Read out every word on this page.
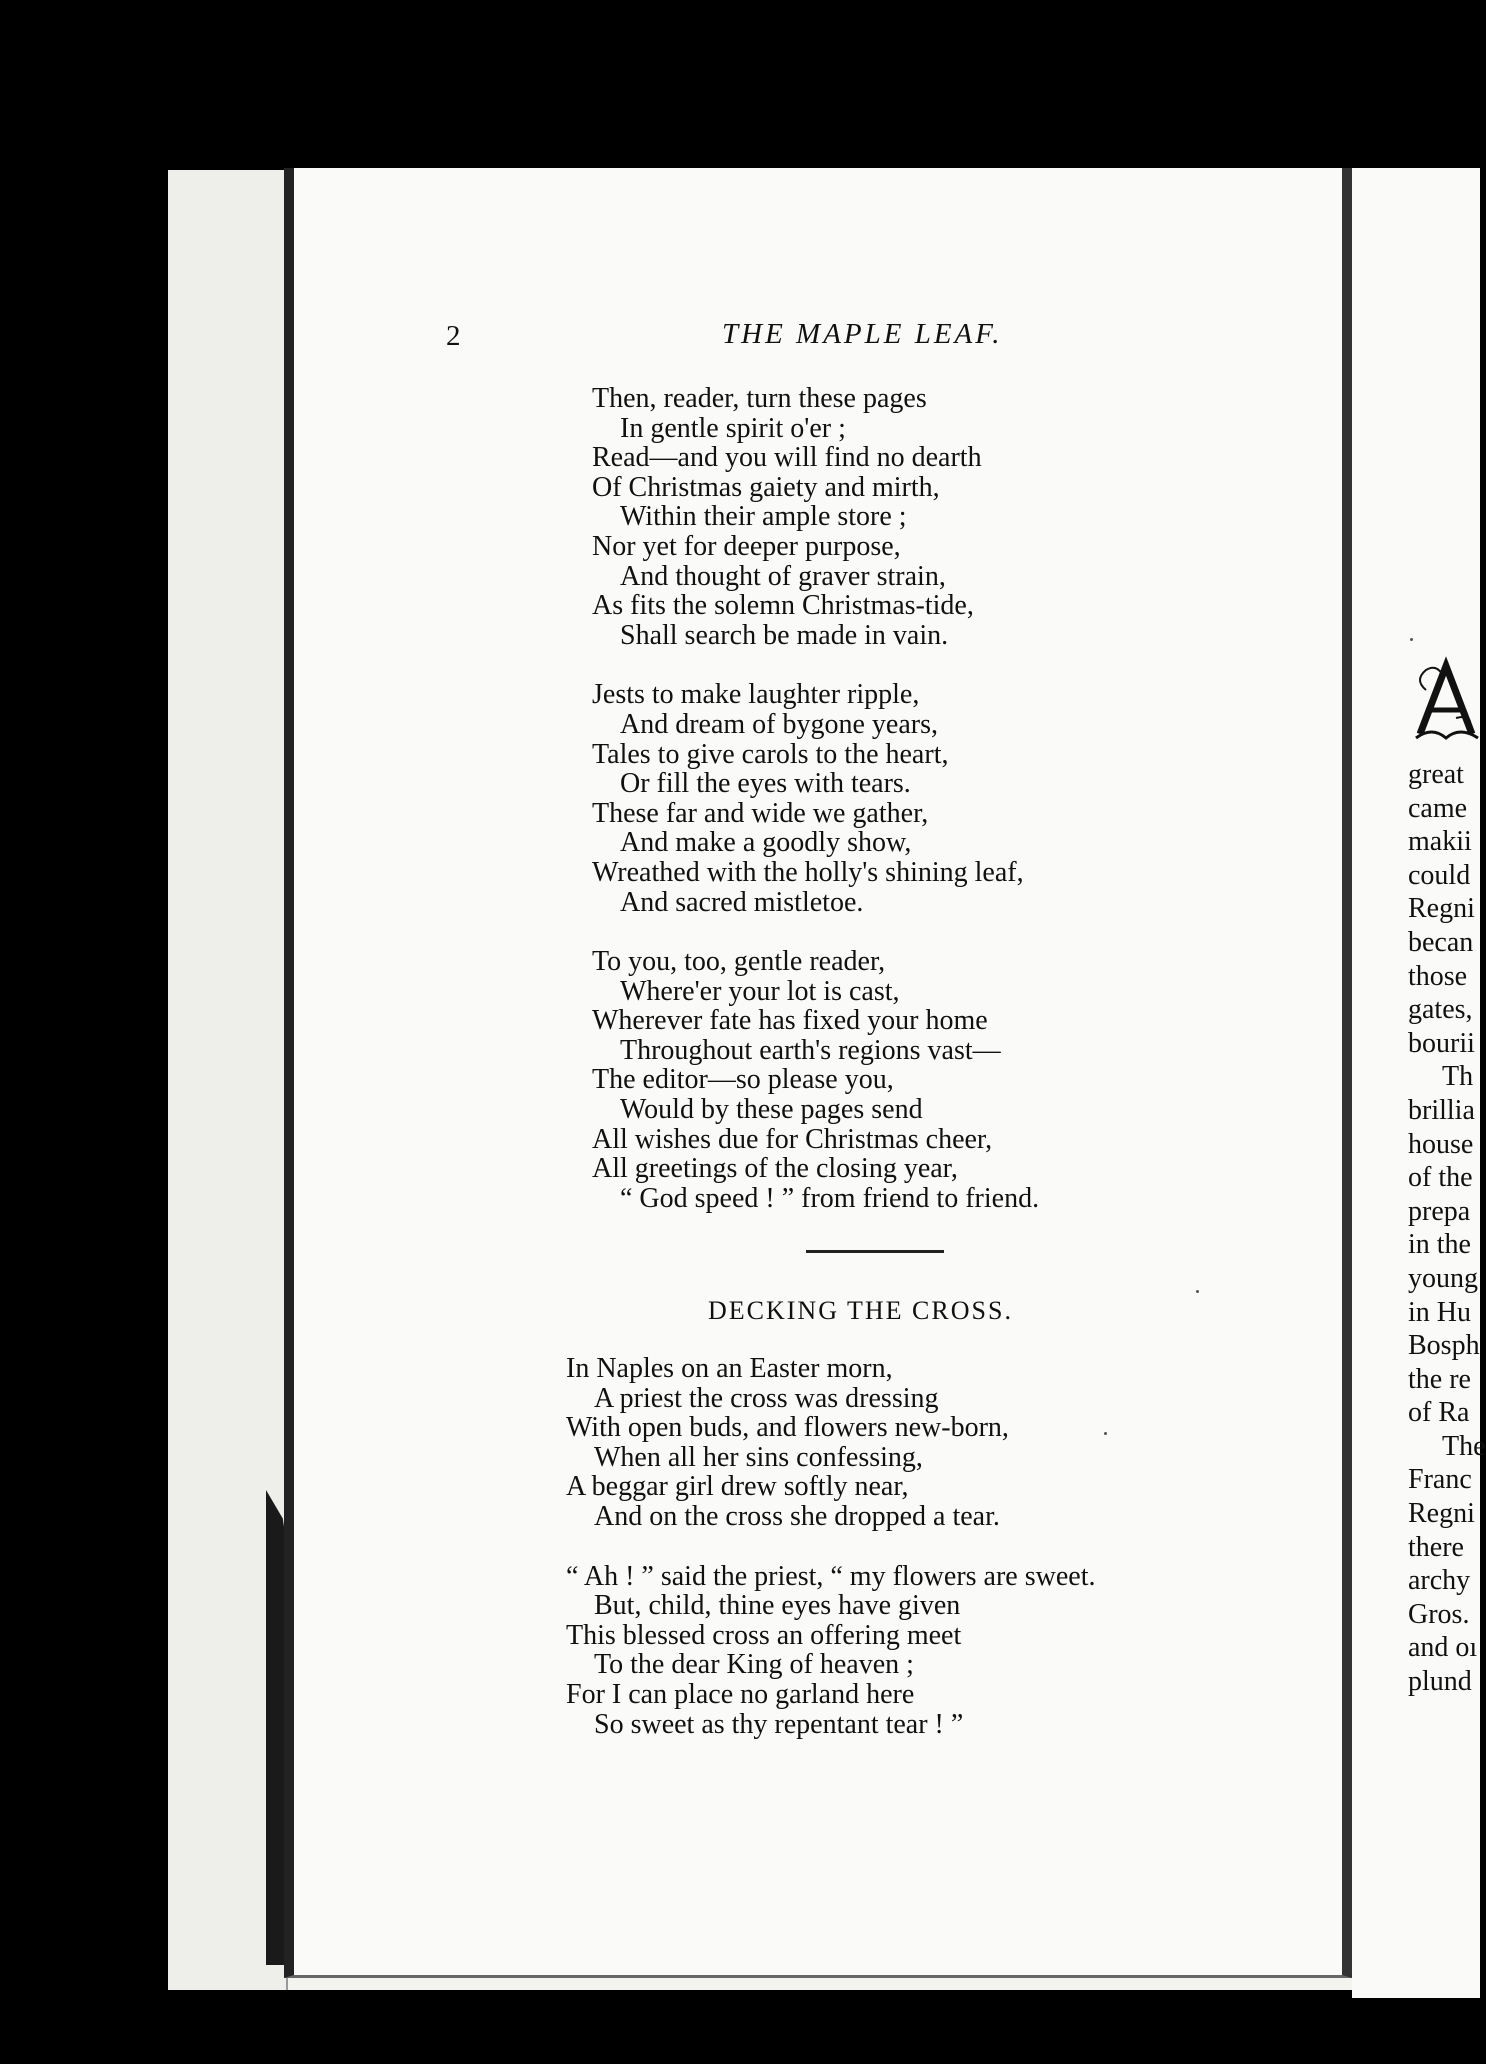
2	THE MAPLE LEAF.
Then, reader, turn these pages
In gentle spirit o'er ;
Read—and you will find no dearth
Of Christmas gaiety and mirth,
Within their ample store ;
Nor yet for deeper purpose,
And thought of graver strain,
As fits the solemn Christmas-tide,
Shall search be made in vain.
Jests to make laughter ripple,
And dream of bygone years,
Tales to give carols to the heart,
Or fill the eyes with tears.
These far and wide we gather,
And make a goodly show,
Wreathed with the holly's shining leaf,
And sacred mistletoe.
To you, too, gentle reader,
Where'er your lot is cast,
Wherever fate has fixed your home
Throughout earth's regions vast—
The editor—so please you,
Would by these pages send
All wishes due for Christmas cheer,
All greetings of the closing year,
“ God speed ! ” from friend to friend.
DECKING THE CROSS.
In Naples on an Easter morn,
A priest the cross was dressing
With open buds, and flowers new-born,
When all her sins confessing,
A beggar girl drew softly near,
And on the cross she dropped a tear.
“ Ah ! ” said the priest, “ my flowers are sweet.
But, child, thine eyes have given
This blessed cross an offering meet
To the dear King of heaven ;
For I can place no garland here
So sweet as thy repentant tear ! ”
great
came
makii
could
Regni
becan
those
gates,
bourii
Th
brillia
house
of the
prepa
in the
young
in Hu
Bosph
the re
of Ra
The
Franc
Regni
there
archy
Gros.
and oı
plund
